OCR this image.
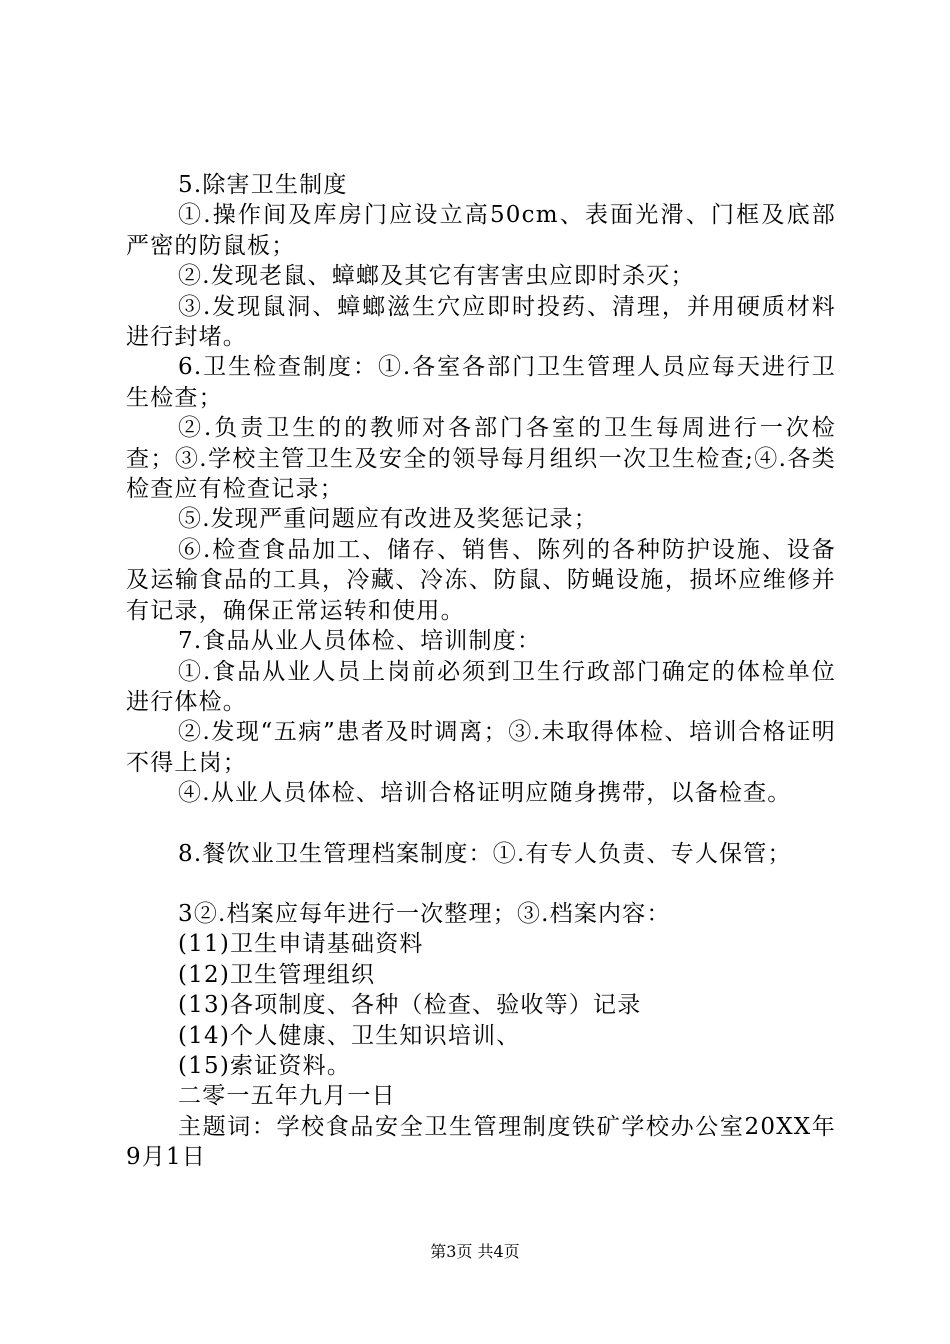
5.除害卫生制度

①.操作间及库房门应设立高50cm、表面光滑、门框及底部严密的防鼠板；

②.发现老鼠、蟑螂及其它有害害虫应即时杀灭；

③.发现鼠洞、蟑螂滋生穴应即时投药、清理，并用硬质材料进行封堵。

6.卫生检查制度：①.各室各部门卫生管理人员应每天进行卫生检查；

②.负责卫生的的教师对各部门各室的卫生每周进行一次检查；③.学校主管卫生及安全的领导每月组织一次卫生检查;④.各类检查应有检查记录；

⑤.发现严重问题应有改进及奖惩记录；

⑥.检查食品加工、储存、销售、陈列的各种防护设施、设备及运输食品的工具，冷藏、冷冻、防鼠、防蝇设施，损坏应维修并有记录，确保正常运转和使用。

7.食品从业人员体检、培训制度：

①.食品从业人员上岗前必须到卫生行政部门确定的体检单位进行体检。

②.发现“五病”患者及时调离；③.未取得体检、培训合格证明不得上岗；

④.从业人员体检、培训合格证明应随身携带，以备检查。

8.餐饮业卫生管理档案制度：①.有专人负责、专人保管；

3②.档案应每年进行一次整理；③.档案内容：

(11)卫生申请基础资料

(12)卫生管理组织

(13)各项制度、各种（检查、验收等）记录

(14)个人健康、卫生知识培训、

(15)索证资料。

二零一五年九月一日

主题词：学校食品安全卫生管理制度铁矿学校办公室20XX年9月1日

第3页 共4页
